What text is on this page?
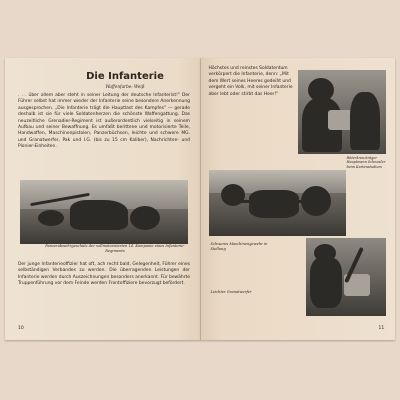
Die Infanterie
Waffenfarbe: Weiß

. . . über allem aber steht in seiner Leitung der deutsche Infanterist!" Der Führer selbst hat immer wieder der Infanterie seine besondere Anerkennung ausgesprochen. „Die Infanterie trägt die Hauptlast des Kampfes" — gerade deshalb ist sie für viele Soldatenherzen die schönste Waffengattung. Das neuzeitliche Grenadier-Regiment ist außerordentlich vielseitig in seinem Aufbau und seiner Bewaffnung. Es umfaßt berittene und motorisierte Teile, Handwaffen, Maschinenpistolen, Panzerbüchsen, leichte und schwere MG. und Granatwerfer, Pak und I.G. (bis zu 15 cm Kaliber), Nachrichten- und Pionier-Einheiten.

Panzerabwehrgeschütz der vollmotorisierten 14. Kompanie eines Infanterie-Regiments

Der junge Infanterieoffizier hat oft, ach recht bald, Gelegenheit, Führer eines selbständigen Verbandes zu werden. Die überragenden Leistungen der Infanterie werden durch Auszeichnungen besonders anerkannt. Für bewährte Truppenführung vor dem Feinde werden Frontoffiziere bevorzugt befördert.

10

Höchstes und reinstes Soldatentum verkörpert die Infanterie, denn: „Mit dem Wert seines Heeres gedeiht und vergeht ein Volk, mit seiner Infanterie aber lebt oder stirbt das Heer!"

Ritterkreuzträger Hauptmann Schneider beim Kartenstudium
Schweres Maschinengewehr in Stellung
Leichter Granatwerfer
11
